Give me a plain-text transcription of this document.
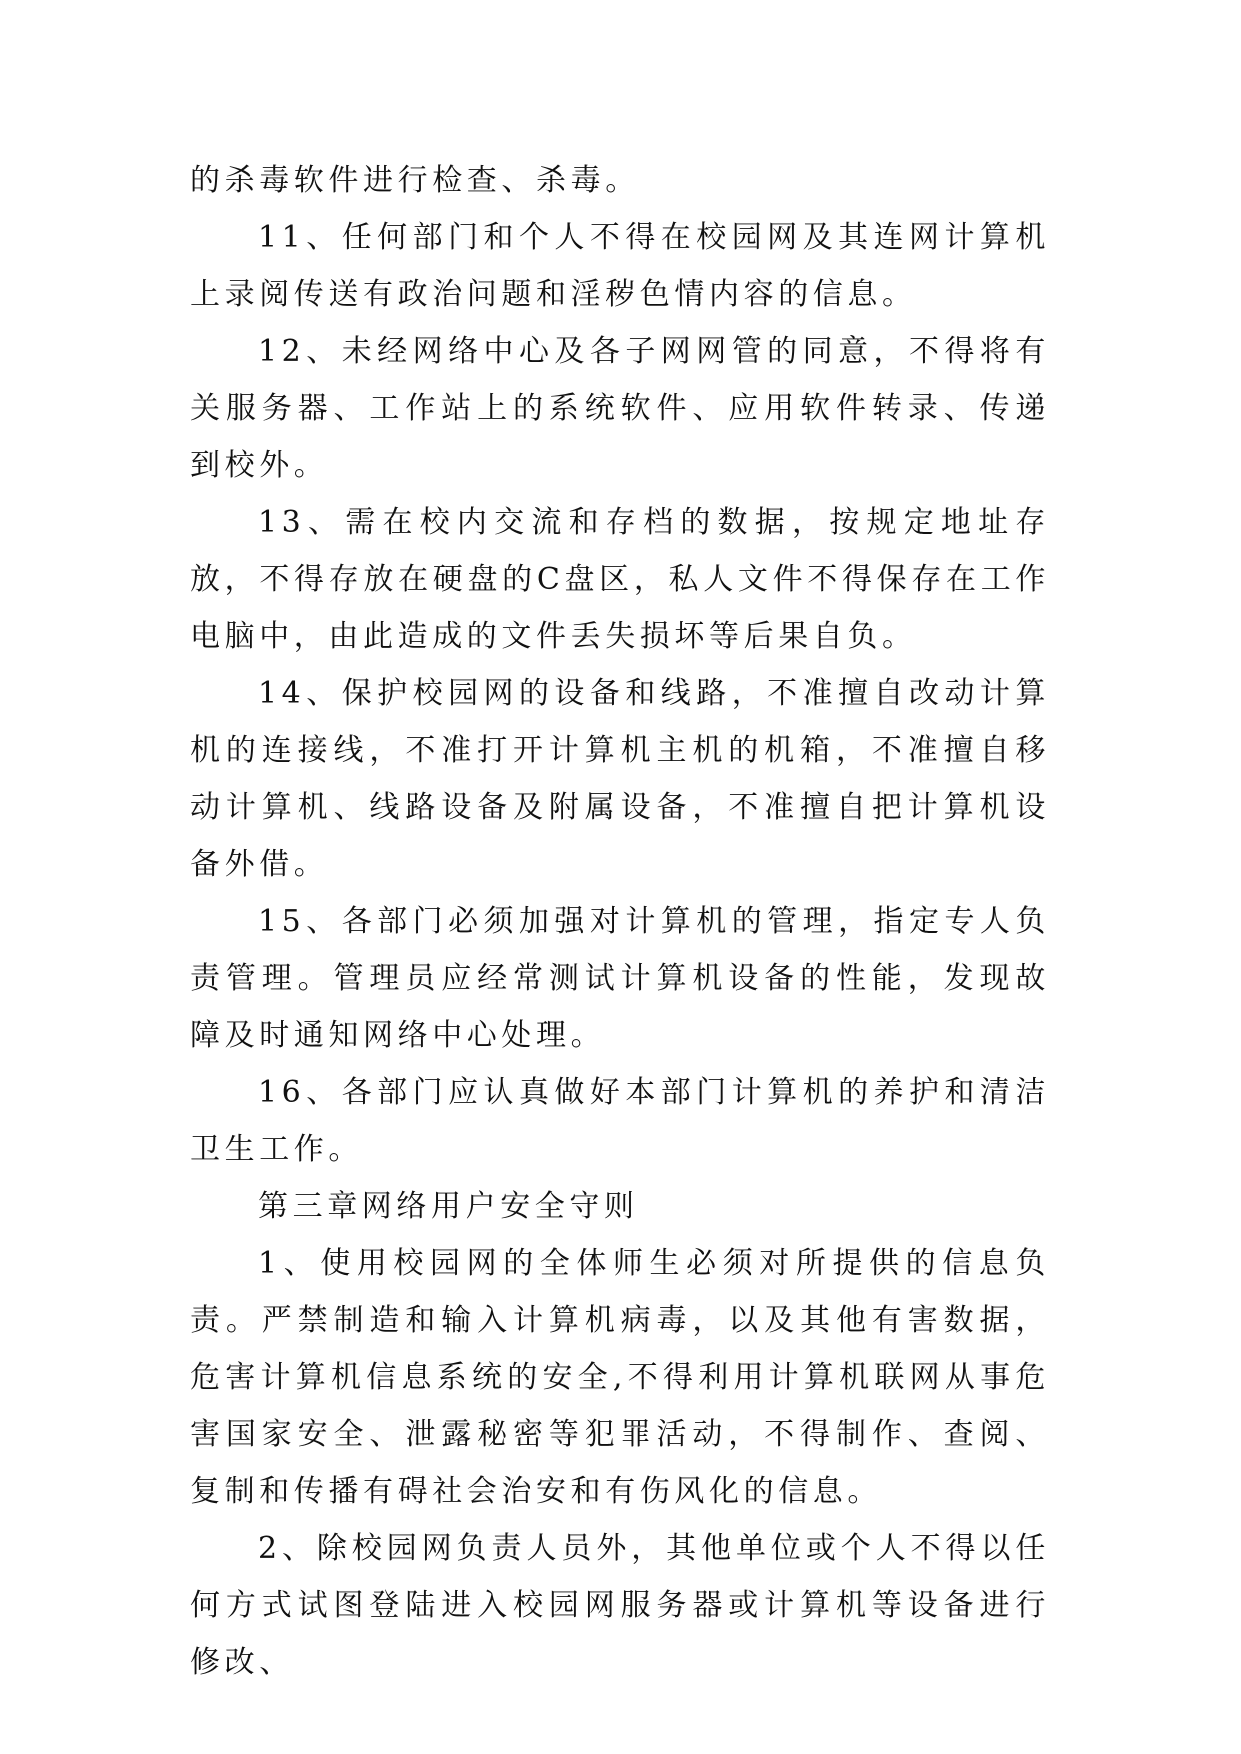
的杀毒软件进行检查、杀毒。

11、任何部门和个人不得在校园网及其连网计算机上录阅传送有政治问题和淫秽色情内容的信息。

12、未经网络中心及各子网网管的同意，不得将有关服务器、工作站上的系统软件、应用软件转录、传递到校外。

13、需在校内交流和存档的数据，按规定地址存放，不得存放在硬盘的C盘区，私人文件不得保存在工作电脑中，由此造成的文件丢失损坏等后果自负。

14、保护校园网的设备和线路，不准擅自改动计算机的连接线，不准打开计算机主机的机箱，不准擅自移动计算机、线路设备及附属设备，不准擅自把计算机设备外借。

15、各部门必须加强对计算机的管理，指定专人负责管理。管理员应经常测试计算机设备的性能，发现故障及时通知网络中心处理。

16、各部门应认真做好本部门计算机的养护和清洁卫生工作。

第三章网络用户安全守则

1、使用校园网的全体师生必须对所提供的信息负责。严禁制造和输入计算机病毒，以及其他有害数据，危害计算机信息系统的安全,不得利用计算机联网从事危害国家安全、泄露秘密等犯罪活动，不得制作、查阅、复制和传播有碍社会治安和有伤风化的信息。

2、除校园网负责人员外，其他单位或个人不得以任何方式试图登陆进入校园网服务器或计算机等设备进行修改、
